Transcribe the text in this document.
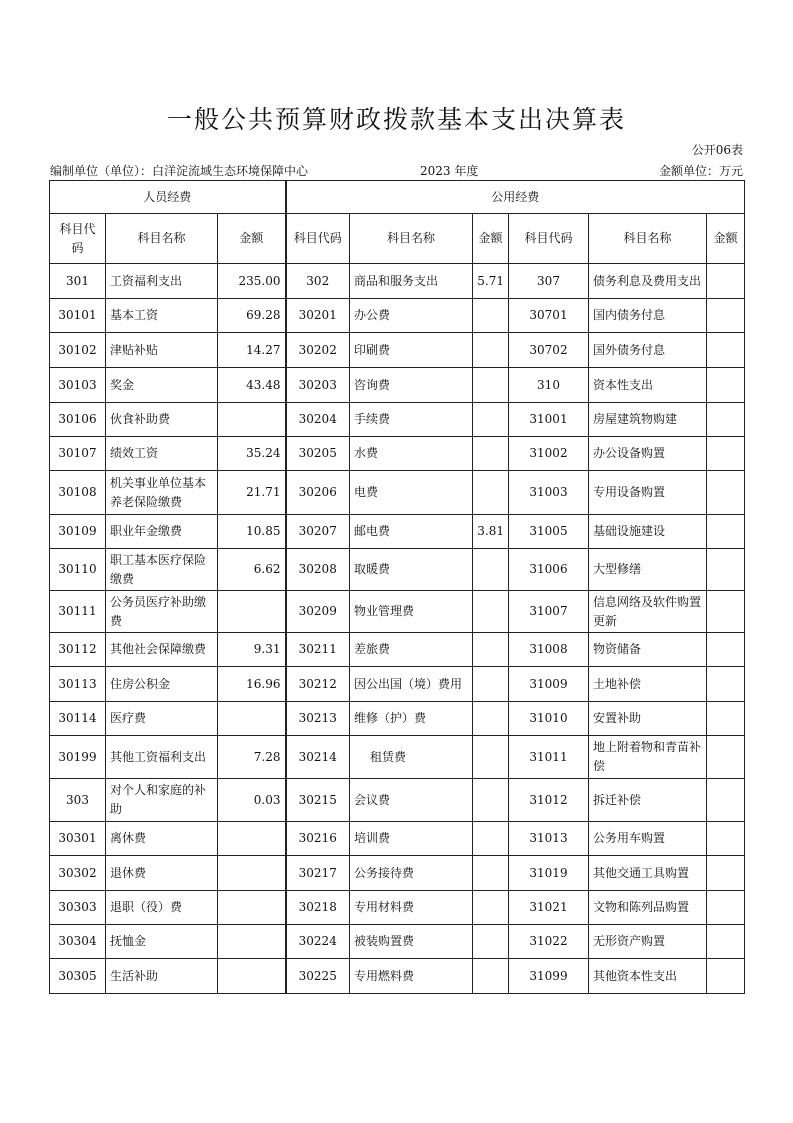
一般公共预算财政拨款基本支出决算表
公开06表
编制单位（单位）：白洋淀流域生态环境保障中心	2023 年度	金额单位：万元
人员经费			公用经费					
科目代码	科目名称	金额	科目代码	科目名称	金额	科目代码	科目名称	金额
301	工资福利支出	235.00	302	商品和服务支出	5.71	307	债务利息及费用支出	
30101	基本工资	69.28	30201	办公费		30701	国内债务付息	
30102	津贴补贴	14.27	30202	印刷费		30702	国外债务付息	
30103	奖金	43.48	30203	咨询费		310	资本性支出	
30106	伙食补助费		30204	手续费		31001	房屋建筑物购建	
30107	绩效工资	35.24	30205	水费		31002	办公设备购置	
30108	机关事业单位基本养老保险缴费	21.71	30206	电费		31003	专用设备购置	
30109	职业年金缴费	10.85	30207	邮电费	3.81	31005	基础设施建设	
30110	职工基本医疗保险缴费	6.62	30208	取暖费		31006	大型修缮	
30111	公务员医疗补助缴费		30209	物业管理费		31007	信息网络及软件购置更新	
30112	其他社会保障缴费	9.31	30211	差旅费		31008	物资储备	
30113	住房公积金	16.96	30212	因公出国（境）费用		31009	土地补偿	
30114	医疗费		30213	维修（护）费		31010	安置补助	
30199	其他工资福利支出	7.28	30214	租赁费		31011	地上附着物和青苗补偿	
303	对个人和家庭的补助	0.03	30215	会议费		31012	拆迁补偿	
30301	离休费		30216	培训费		31013	公务用车购置	
30302	退休费		30217	公务接待费		31019	其他交通工具购置	
30303	退职（役）费		30218	专用材料费		31021	文物和陈列品购置	
30304	抚恤金		30224	被装购置费		31022	无形资产购置	
30305	生活补助		30225	专用燃料费		31099	其他资本性支出	
